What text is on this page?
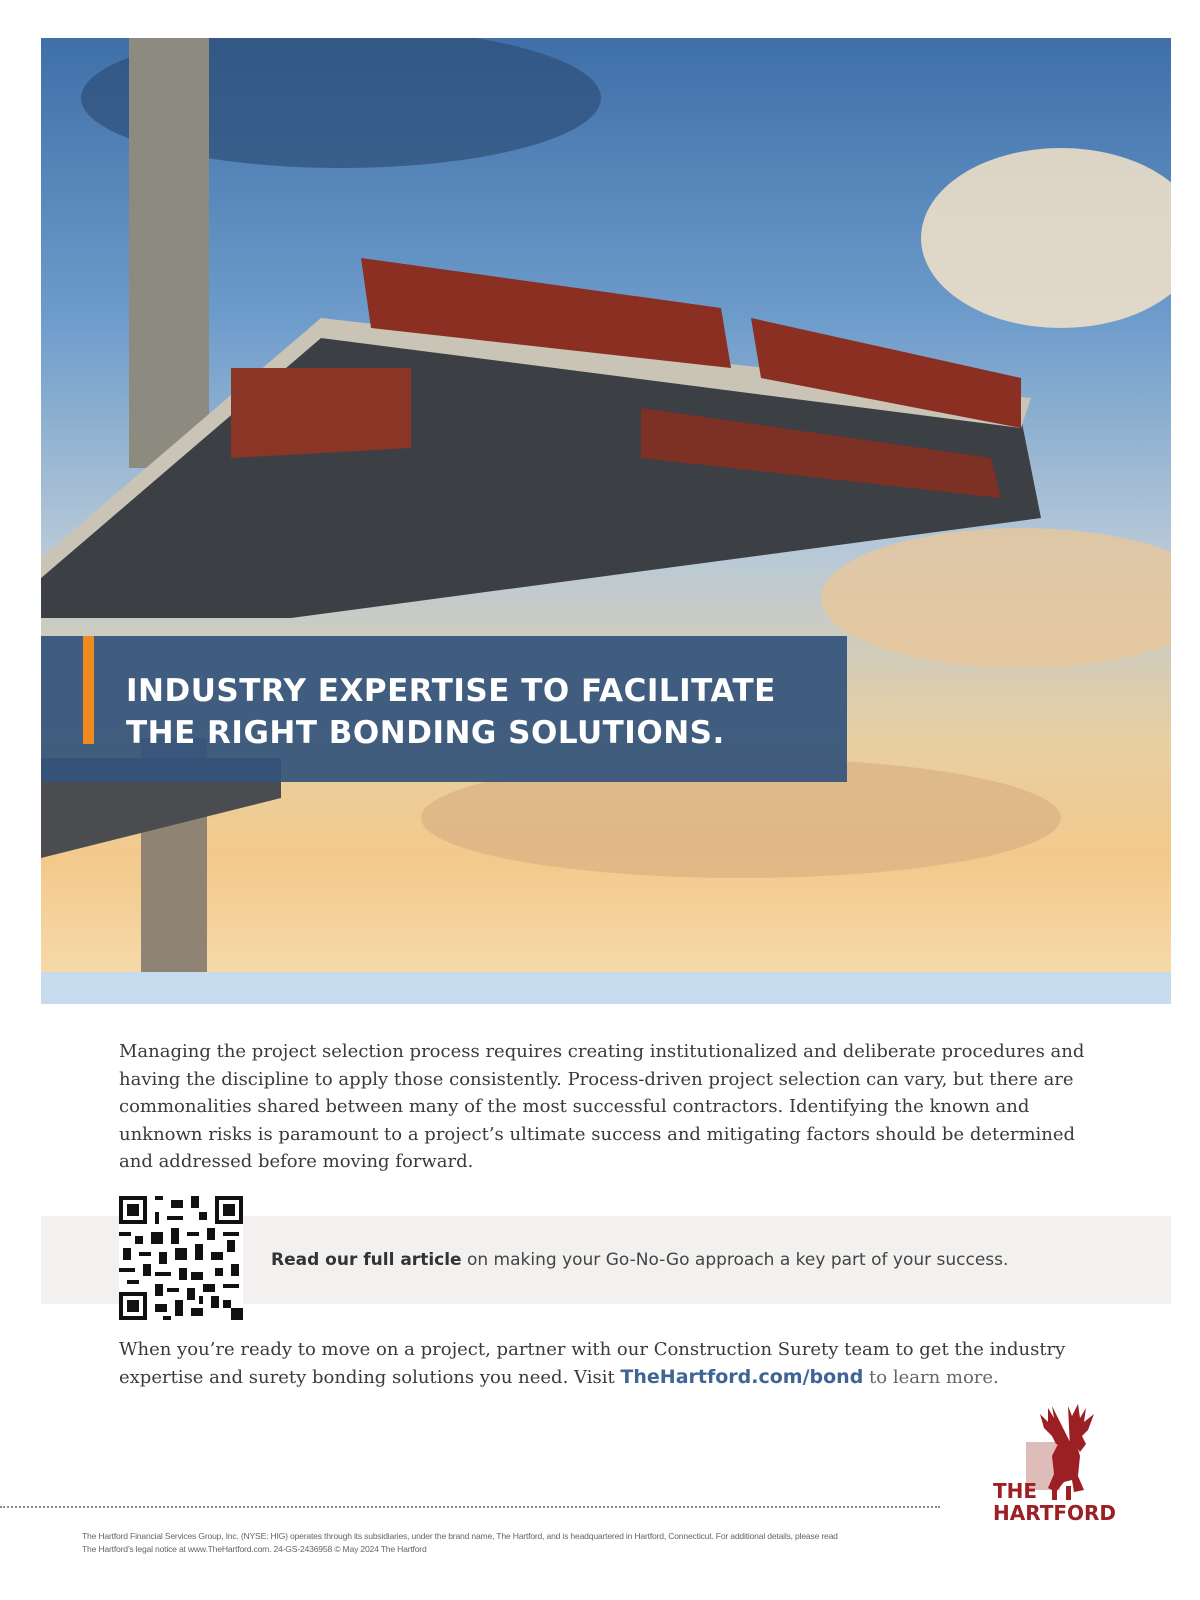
INDUSTRY EXPERTISE TO FACILITATE
THE RIGHT BONDING SOLUTIONS.

Managing the project selection process requires creating institutionalized and deliberate procedures and having the discipline to apply those consistently. Process-driven project selection can vary, but there are commonalities shared between many of the most successful contractors. Identifying the known and unknown risks is paramount to a project’s ultimate success and mitigating factors should be determined and addressed before moving forward.

Read our full article on making your Go-No-Go approach a key part of your success.

When you’re ready to move on a project, partner with our Construction Surety team to get the industry expertise and surety bonding solutions you need. Visit TheHartford.com/bond to learn more.

The Hartford Financial Services Group, Inc. (NYSE: HIG) operates through its subsidiaries, under the brand name, The Hartford, and is headquartered in Hartford, Connecticut. For additional details, please read
The Hartford’s legal notice at www.TheHartford.com. 24-GS-2436958 © May 2024 The Hartford

THE
HARTFORD
